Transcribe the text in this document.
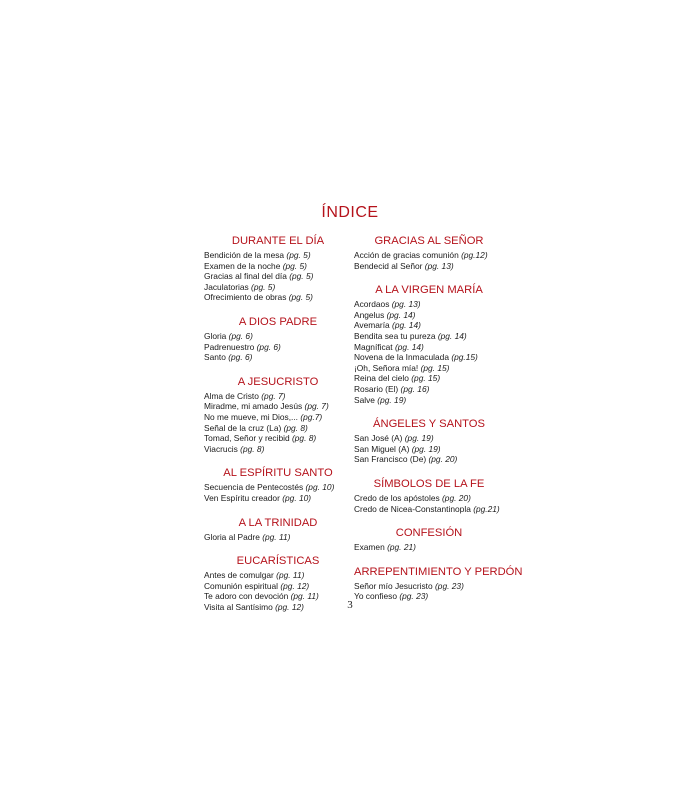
ÍNDICE
DURANTE EL DÍA
Bendición de la mesa (pg. 5)
Examen de la noche (pg. 5)
Gracias al final del día (pg. 5)
Jaculatorias (pg. 5)
Ofrecimiento de obras (pg. 5)
A DIOS PADRE
Gloria (pg. 6)
Padrenuestro (pg. 6)
Santo (pg. 6)
A JESUCRISTO
Alma de Cristo (pg. 7)
Miradme, mi amado Jesús (pg. 7)
No me mueve, mi Dios,... (pg.7)
Señal de la cruz (La) (pg. 8)
Tomad, Señor y recibid (pg. 8)
Viacrucis (pg. 8)
AL ESPÍRITU SANTO
Secuencia de Pentecostés (pg. 10)
Ven Espíritu creador (pg. 10)
A LA TRINIDAD
Gloria al Padre (pg. 11)
EUCARÍSTICAS
Antes de comulgar (pg. 11)
Comunión espiritual (pg. 12)
Te adoro con devoción (pg. 11)
Visita al Santísimo (pg. 12)
GRACIAS AL SEÑOR
Acción de gracias comunión (pg.12)
Bendecid al Señor (pg. 13)
A LA VIRGEN MARÍA
Acordaos (pg. 13)
Angelus (pg. 14)
Avemaría (pg. 14)
Bendita sea tu pureza (pg. 14)
Magníficat (pg. 14)
Novena de la Inmaculada (pg.15)
¡Oh, Señora mía! (pg. 15)
Reina del cielo (pg. 15)
Rosario (El) (pg. 16)
Salve (pg. 19)
ÁNGELES Y SANTOS
San José (A) (pg. 19)
San Miguel (A) (pg. 19)
San Francisco (De) (pg. 20)
SÍMBOLOS DE LA FE
Credo de los apóstoles (pg. 20)
Credo de Nicea-Constantinopla (pg.21)
CONFESIÓN
Examen (pg. 21)
ARREPENTIMIENTO Y PERDÓN
Señor mío Jesucristo (pg. 23)
Yo confieso (pg. 23)
3
